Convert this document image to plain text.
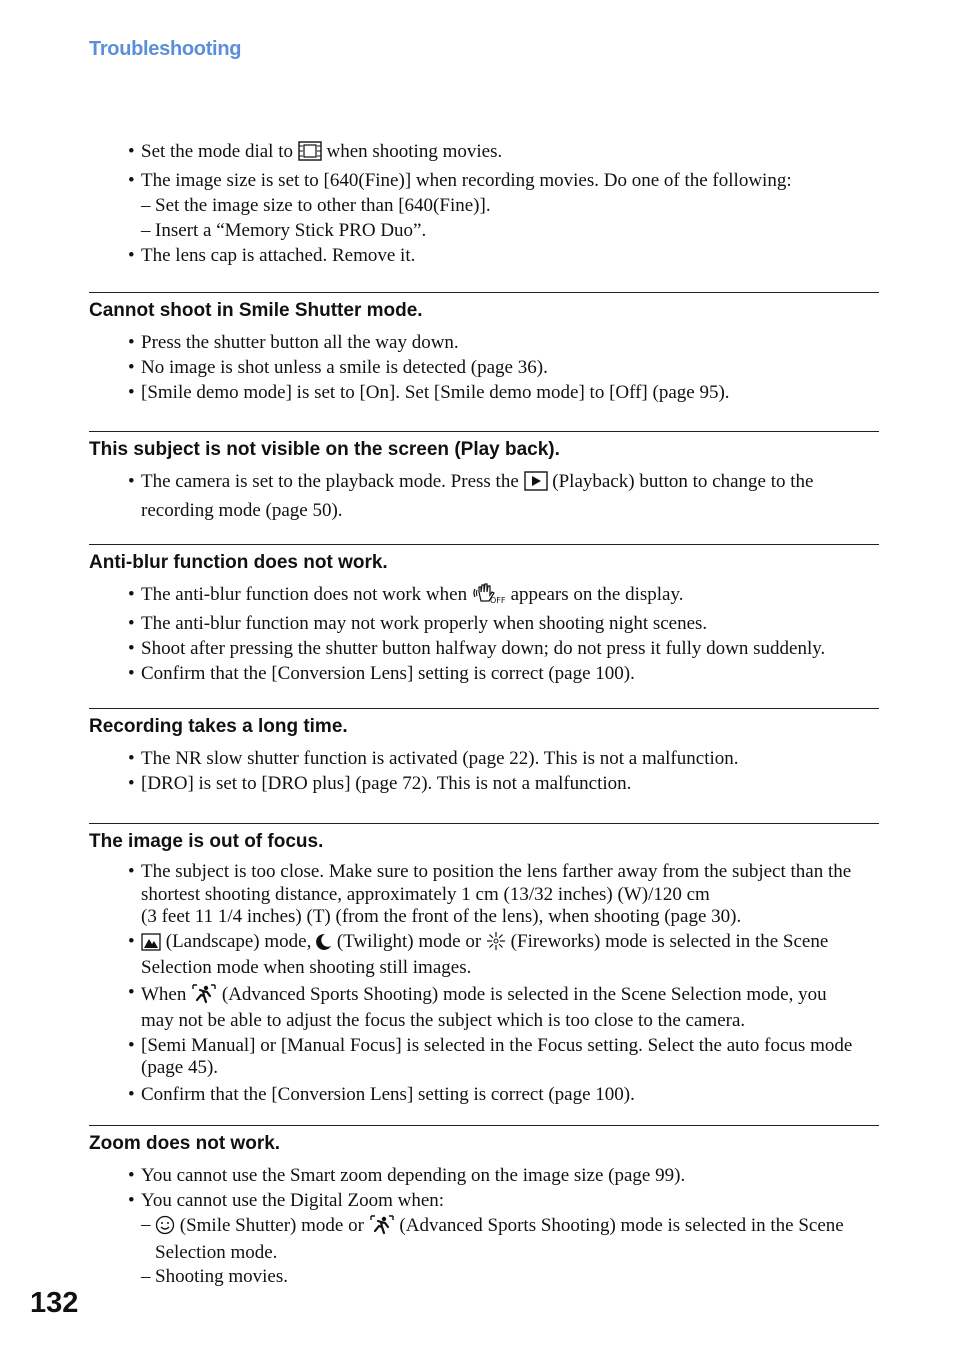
Troubleshooting

• Set the mode dial to when shooting movies.

• The image size is set to [640(Fine)] when recording movies. Do one of the following:

– Set the image size to other than [640(Fine)].

– Insert a “Memory Stick PRO Duo”.

• The lens cap is attached. Remove it.

Cannot shoot in Smile Shutter mode.

• Press the shutter button all the way down.

• No image is shot unless a smile is detected (page 36).

• [Smile demo mode] is set to [On]. Set [Smile demo mode] to [Off] (page 95).

This subject is not visible on the screen (Play back).

• The camera is set to the playback mode. Press the (Playback) button to change to the
recording mode (page 50).

Anti-blur function does not work.

• The anti-blur function does not work when	OFF appears on the display.

• The anti-blur function may not work properly when shooting night scenes.

• Shoot after pressing the shutter button halfway down; do not press it fully down suddenly.

• Confirm that the [Conversion Lens] setting is correct (page 100).

Recording takes a long time.

• The NR slow shutter function is activated (page 22). This is not a malfunction.

• [DRO] is set to [DRO plus] (page 72). This is not a malfunction.

The image is out of focus.

• The subject is too close. Make sure to position the lens farther away from the subject than the
shortest shooting distance, approximately 1 cm (13/32 inches) (W)/120 cm
(3 feet 11 1/4 inches) (T) (from the front of the lens), when shooting (page 30).

• (Landscape) mode, (Twilight) mode or (Fireworks) mode is selected in the Scene
Selection mode when shooting still images.

• When (Advanced Sports Shooting) mode is selected in the Scene Selection mode, you
may not be able to adjust the focus the subject which is too close to the camera.

• [Semi Manual] or [Manual Focus] is selected in the Focus setting. Select the auto focus mode
(page 45).

• Confirm that the [Conversion Lens] setting is correct (page 100).

Zoom does not work.

• You cannot use the Smart zoom depending on the image size (page 99).

• You cannot use the Digital Zoom when:

– (Smile Shutter) mode or (Advanced Sports Shooting) mode is selected in the Scene
Selection mode.

– Shooting movies.

132
